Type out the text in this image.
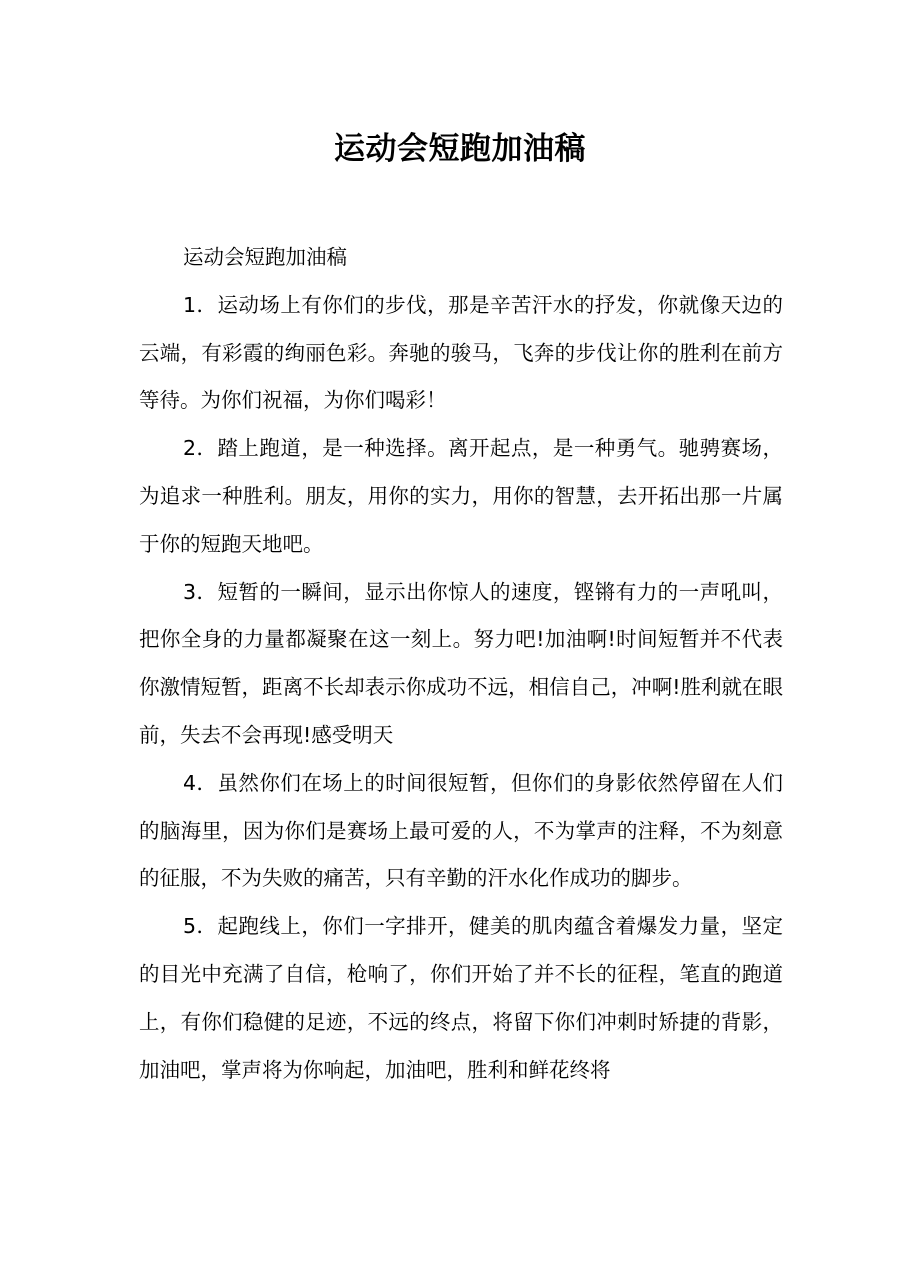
运动会短跑加油稿

运动会短跑加油稿

1．运动场上有你们的步伐，那是辛苦汗水的抒发，你就像天边的云端，有彩霞的绚丽色彩。奔驰的骏马，飞奔的步伐让你的胜利在前方等待。为你们祝福，为你们喝彩！

2．踏上跑道，是一种选择。离开起点，是一种勇气。驰骋赛场，为追求一种胜利。朋友，用你的实力，用你的智慧，去开拓出那一片属于你的短跑天地吧。

3．短暂的一瞬间，显示出你惊人的速度，铿锵有力的一声吼叫，把你全身的力量都凝聚在这一刻上。努力吧!加油啊!时间短暂并不代表你激情短暂，距离不长却表示你成功不远，相信自己，冲啊!胜利就在眼前，失去不会再现!感受明天

4．虽然你们在场上的时间很短暂，但你们的身影依然停留在人们的脑海里，因为你们是赛场上最可爱的人，不为掌声的注释，不为刻意的征服，不为失败的痛苦，只有辛勤的汗水化作成功的脚步。

5．起跑线上，你们一字排开，健美的肌肉蕴含着爆发力量，坚定的目光中充满了自信，枪响了，你们开始了并不长的征程，笔直的跑道上，有你们稳健的足迹，不远的终点，将留下你们冲刺时矫捷的背影，加油吧，掌声将为你响起，加油吧，胜利和鲜花终将
